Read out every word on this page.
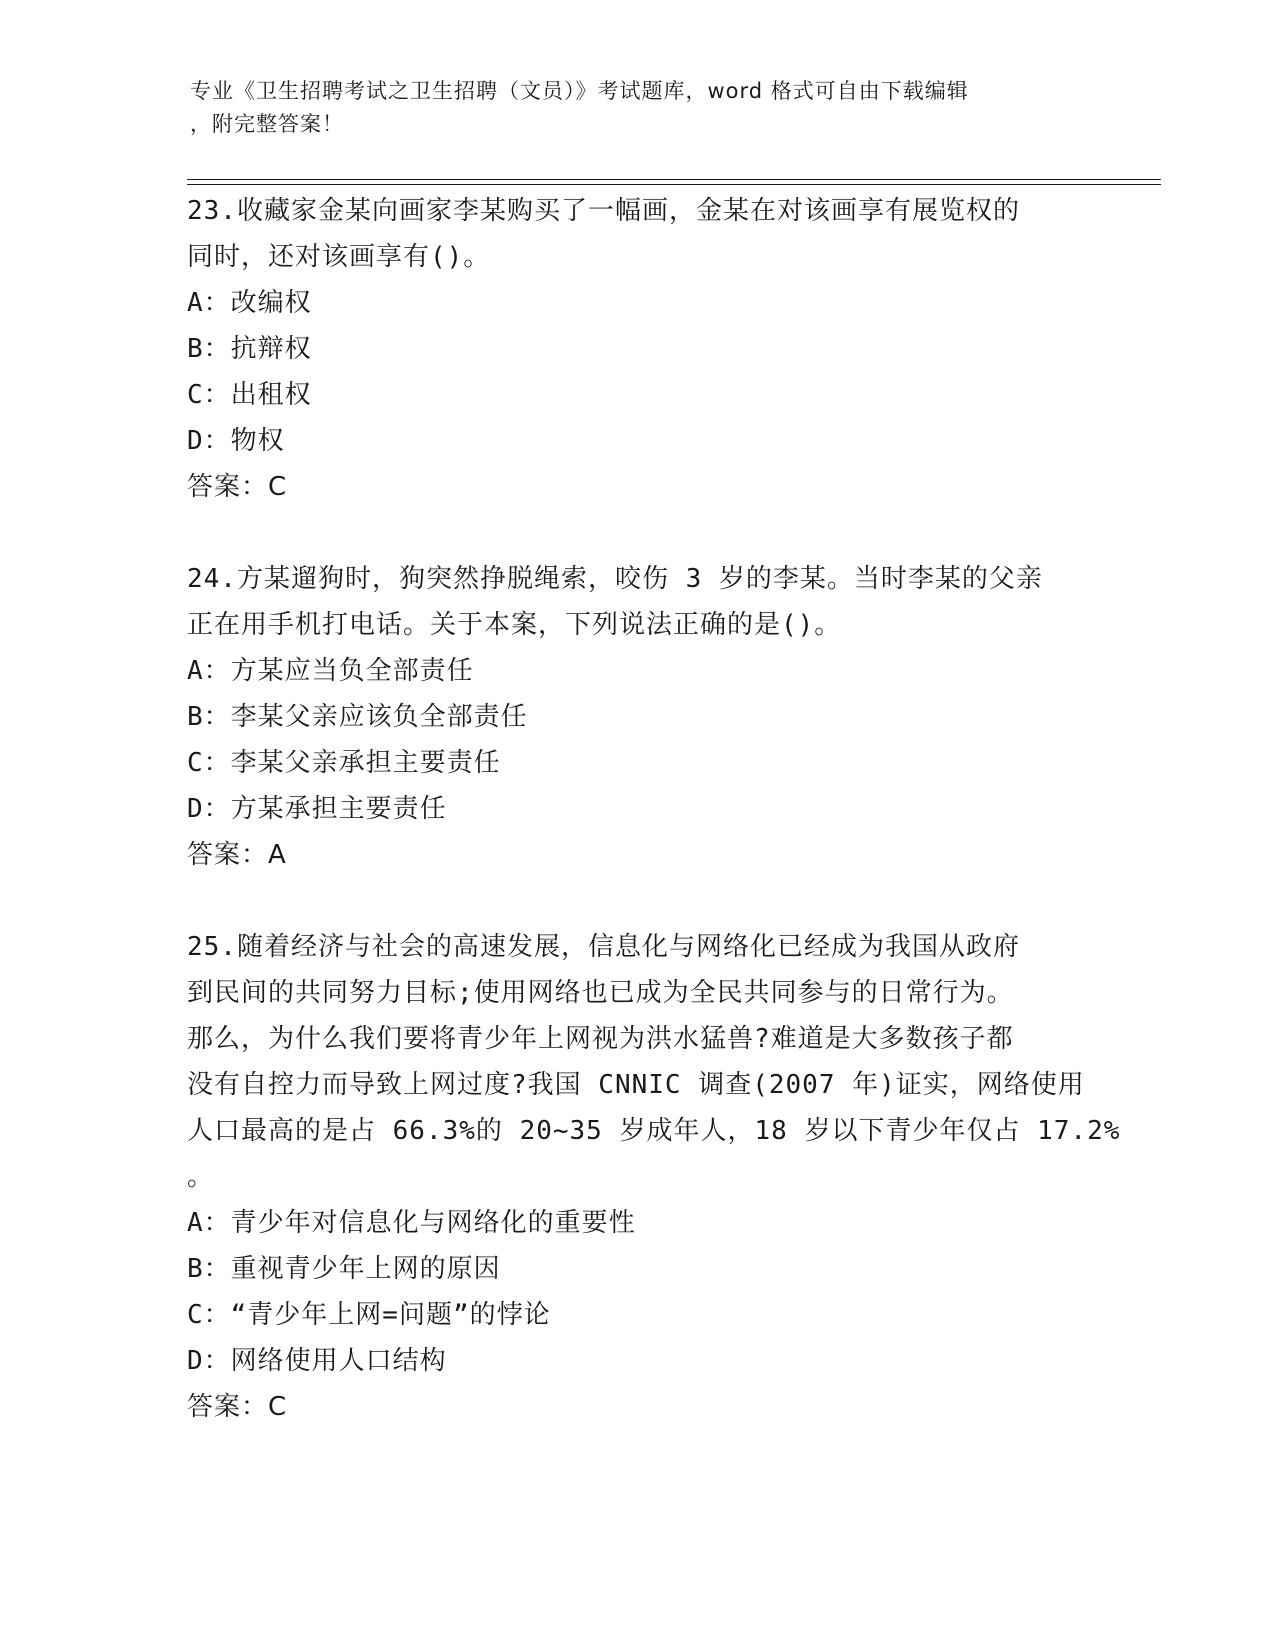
专业《卫生招聘考试之卫生招聘（文员）》考试题库，word 格式可自由下载编辑
，附完整答案！
23.收藏家金某向画家李某购买了一幅画，金某在对该画享有展览权的
同时，还对该画享有()。
A：改编权
B：抗辩权
C：出租权
D：物权
答案：C
24.方某遛狗时，狗突然挣脱绳索，咬伤 3 岁的李某。当时李某的父亲
正在用手机打电话。关于本案，下列说法正确的是()。
A：方某应当负全部责任
B：李某父亲应该负全部责任
C：李某父亲承担主要责任
D：方某承担主要责任
答案：A
25.随着经济与社会的高速发展，信息化与网络化已经成为我国从政府
到民间的共同努力目标;使用网络也已成为全民共同参与的日常行为。
那么，为什么我们要将青少年上网视为洪水猛兽?难道是大多数孩子都
没有自控力而导致上网过度?我国 CNNIC 调查(2007 年)证实，网络使用
人口最高的是占 66.3%的 20~35 岁成年人，18 岁以下青少年仅占 17.2%
。
A：青少年对信息化与网络化的重要性
B：重视青少年上网的原因
C：“青少年上网=问题”的悖论
D：网络使用人口结构
答案：C
